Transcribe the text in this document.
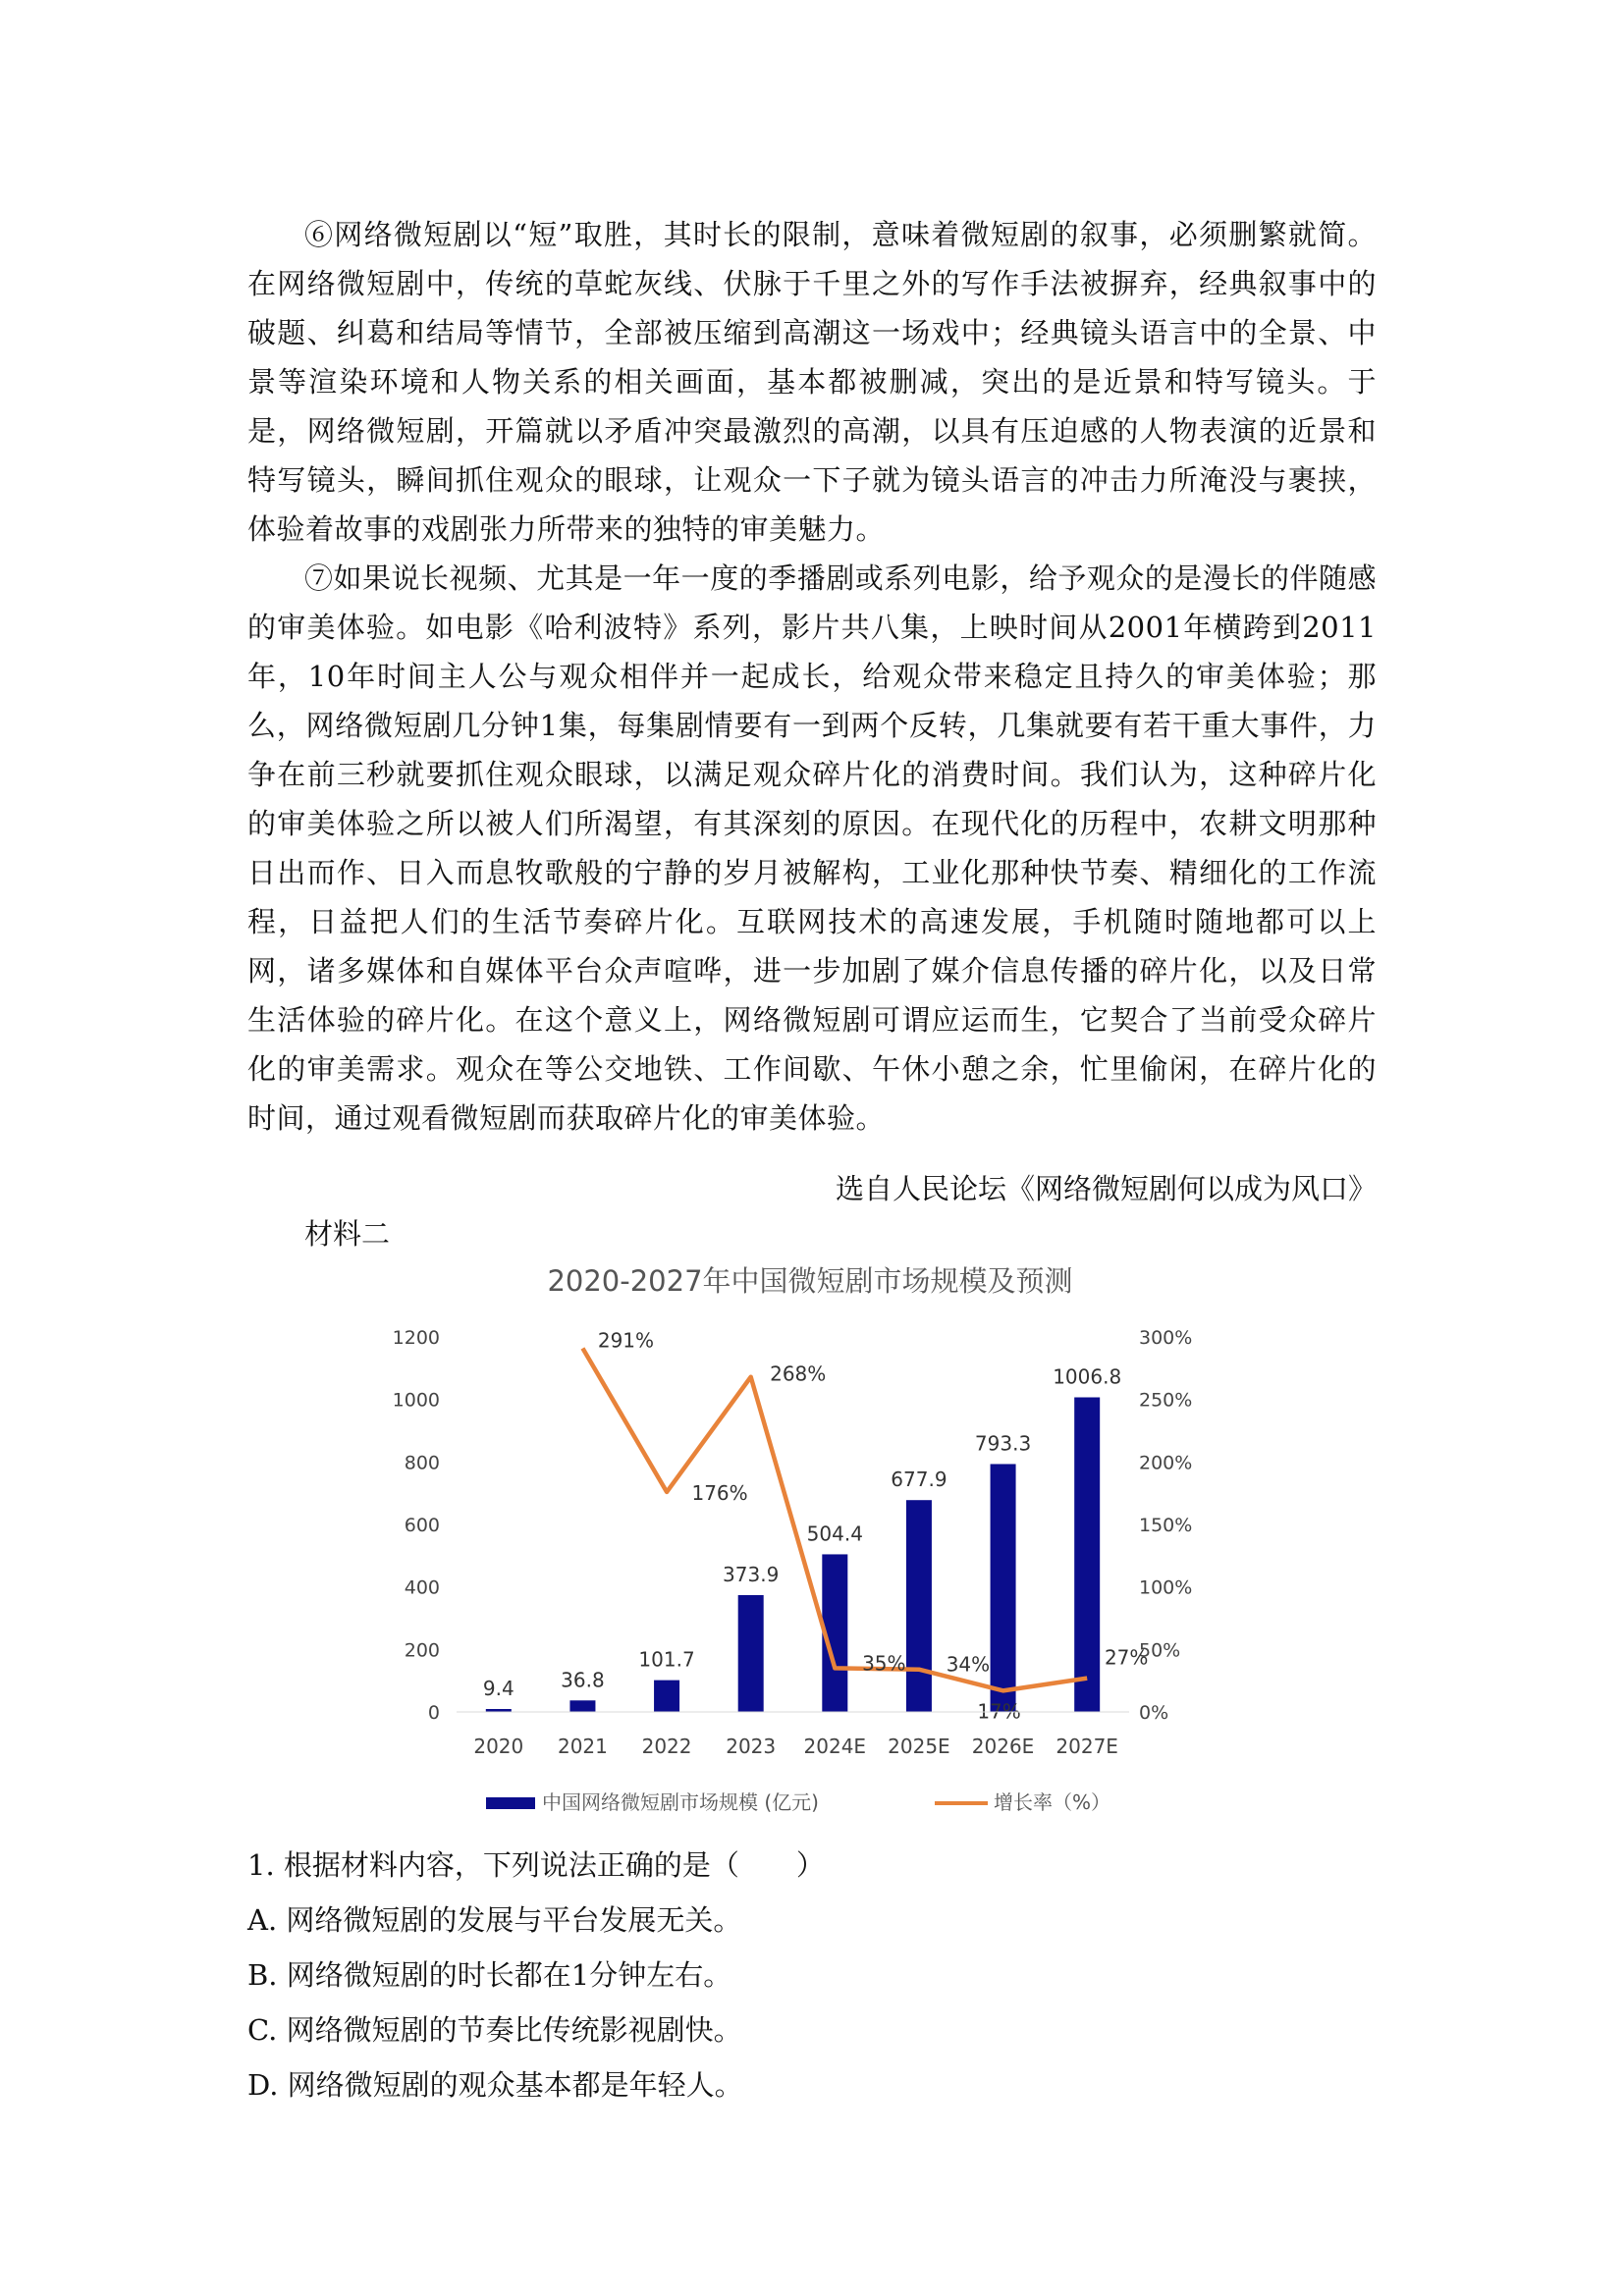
⑥网络微短剧以“短”取胜，其时长的限制，意味着微短剧的叙事，必须删繁就简。在网络微短剧中，传统的草蛇灰线、伏脉于千里之外的写作手法被摒弃，经典叙事中的破题、纠葛和结局等情节，全部被压缩到高潮这一场戏中；经典镜头语言中的全景、中景等渲染环境和人物关系的相关画面，基本都被删减，突出的是近景和特写镜头。于是，网络微短剧，开篇就以矛盾冲突最激烈的高潮，以具有压迫感的人物表演的近景和特写镜头，瞬间抓住观众的眼球，让观众一下子就为镜头语言的冲击力所淹没与裹挟，体验着故事的戏剧张力所带来的独特的审美魅力。

⑦如果说长视频、尤其是一年一度的季播剧或系列电影，给予观众的是漫长的伴随感的审美体验。如电影《哈利波特》系列，影片共八集，上映时间从2001年横跨到2011年，10年时间主人公与观众相伴并一起成长，给观众带来稳定且持久的审美体验；那么，网络微短剧几分钟1集，每集剧情要有一到两个反转，几集就要有若干重大事件，力争在前三秒就要抓住观众眼球，以满足观众碎片化的消费时间。我们认为，这种碎片化的审美体验之所以被人们所渴望，有其深刻的原因。在现代化的历程中，农耕文明那种日出而作、日入而息牧歌般的宁静的岁月被解构，工业化那种快节奏、精细化的工作流程，日益把人们的生活节奏碎片化。互联网技术的高速发展，手机随时随地都可以上网，诸多媒体和自媒体平台众声喧哗，进一步加剧了媒介信息传播的碎片化，以及日常生活体验的碎片化。在这个意义上，网络微短剧可谓应运而生，它契合了当前受众碎片化的审美需求。观众在等公交地铁、工作间歇、午休小憩之余，忙里偷闲，在碎片化的时间，通过观看微短剧而获取碎片化的审美体验。

选自人民论坛《网络微短剧何以成为风口》
材料二
2020-2027年中国微短剧市场规模及预测
0
200
400
600
800
1000
1200
0%
50%
100%
150%
200%
250%
300%
9.4 36.8
101.7
373.9
504.4
677.9
793.3
1006.8
291%
176%
268%
35% 34%
17%
27%
2020 2021 2022 2023 2024E 2025E 2026E 2027E
中国网络微短剧市场规模 (亿元)	增长率（%）

1. 根据材料内容，下列说法正确的是（ ）

A. 网络微短剧的发展与平台发展无关。

B. 网络微短剧的时长都在1分钟左右。

C. 网络微短剧的节奏比传统影视剧快。

D. 网络微短剧的观众基本都是年轻人。
